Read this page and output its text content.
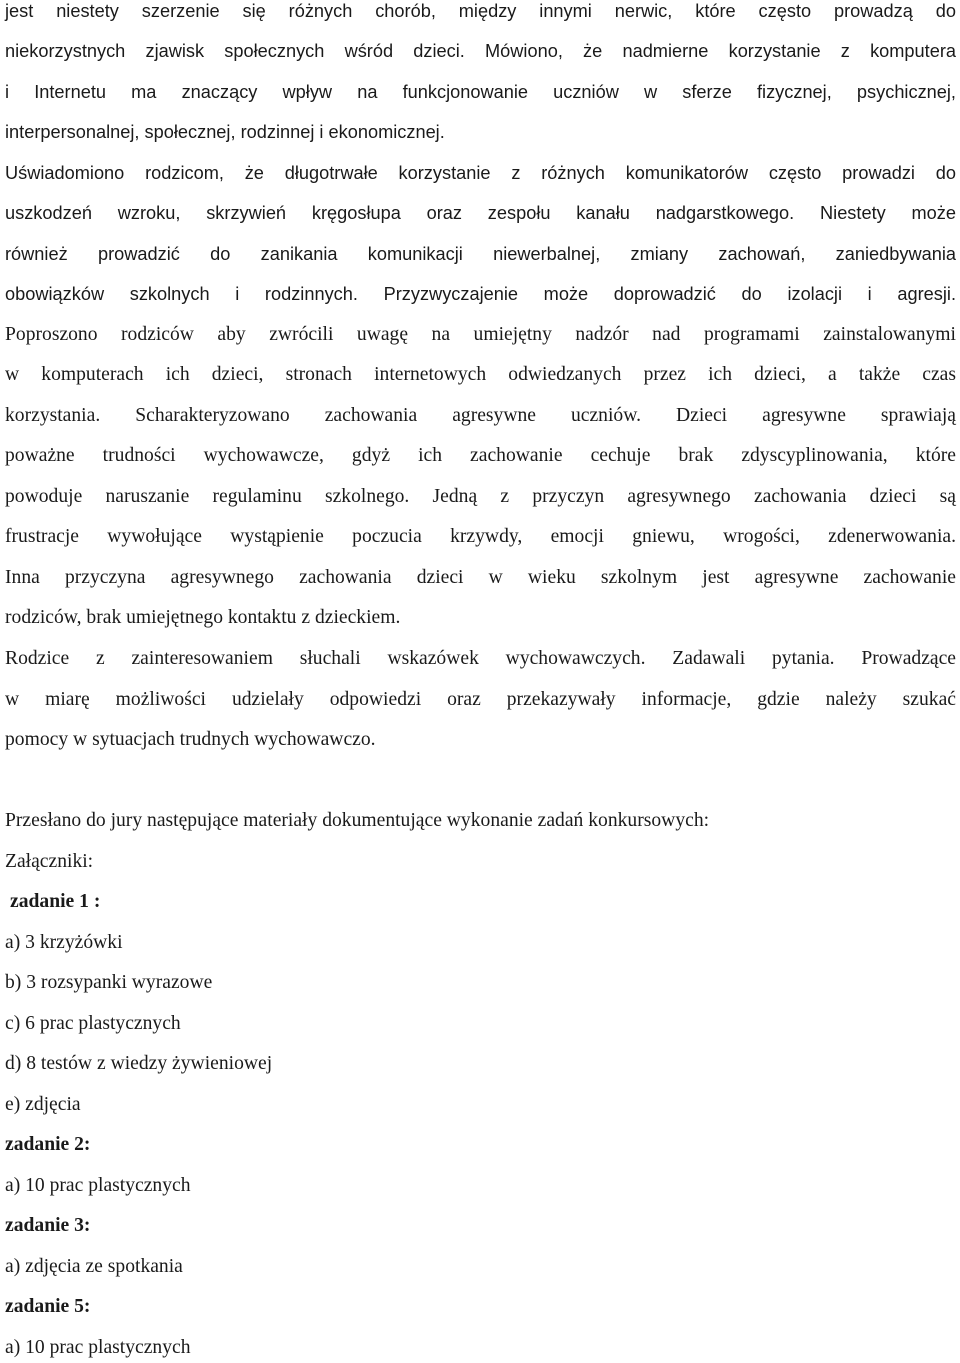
jest niestety szerzenie się różnych chorób, między innymi nerwic, które często prowadzą do
niekorzystnych zjawisk społecznych wśród dzieci. Mówiono, że nadmierne korzystanie z komputera
i Internetu ma znaczący wpływ na funkcjonowanie uczniów w sferze fizycznej, psychicznej,
interpersonalnej, społecznej, rodzinnej i ekonomicznej.
Uświadomiono rodzicom, że długotrwałe korzystanie z różnych komunikatorów często prowadzi do
uszkodzeń wzroku, skrzywień kręgosłupa oraz zespołu kanału nadgarstkowego. Niestety może
również prowadzić do zanikania komunikacji niewerbalnej, zmiany zachowań, zaniedbywania
obowiązków szkolnych i rodzinnych. Przyzwyczajenie może doprowadzić do izolacji i agresji.
Poproszono rodziców aby zwrócili uwagę na umiejętny nadzór nad programami zainstalowanymi
w komputerach ich dzieci, stronach internetowych odwiedzanych przez ich dzieci, a także czas
korzystania. Scharakteryzowano zachowania agresywne uczniów. Dzieci agresywne sprawiają
poważne trudności wychowawcze, gdyż ich zachowanie cechuje brak zdyscyplinowania, które
powoduje naruszanie regulaminu szkolnego. Jedną z przyczyn agresywnego zachowania dzieci są
frustracje wywołujące wystąpienie poczucia krzywdy, emocji gniewu, wrogości, zdenerwowania.
Inna przyczyna agresywnego zachowania dzieci w wieku szkolnym jest agresywne zachowanie
rodziców, brak umiejętnego kontaktu z dzieckiem.
Rodzice z zainteresowaniem słuchali wskazówek wychowawczych. Zadawali pytania. Prowadzące
w miarę możliwości udzielały odpowiedzi oraz przekazywały informacje, gdzie należy szukać
pomocy w sytuacjach trudnych wychowawczo.
Przesłano do jury następujące materiały dokumentujące wykonanie zadań konkursowych:
Załączniki:
zadanie 1 :
a) 3 krzyżówki
b) 3 rozsypanki wyrazowe
c) 6 prac plastycznych
d) 8 testów z wiedzy żywieniowej
e) zdjęcia
zadanie 2:
a) 10 prac plastycznych
zadanie 3:
a) zdjęcia ze spotkania
zadanie 5:
a) 10 prac plastycznych
